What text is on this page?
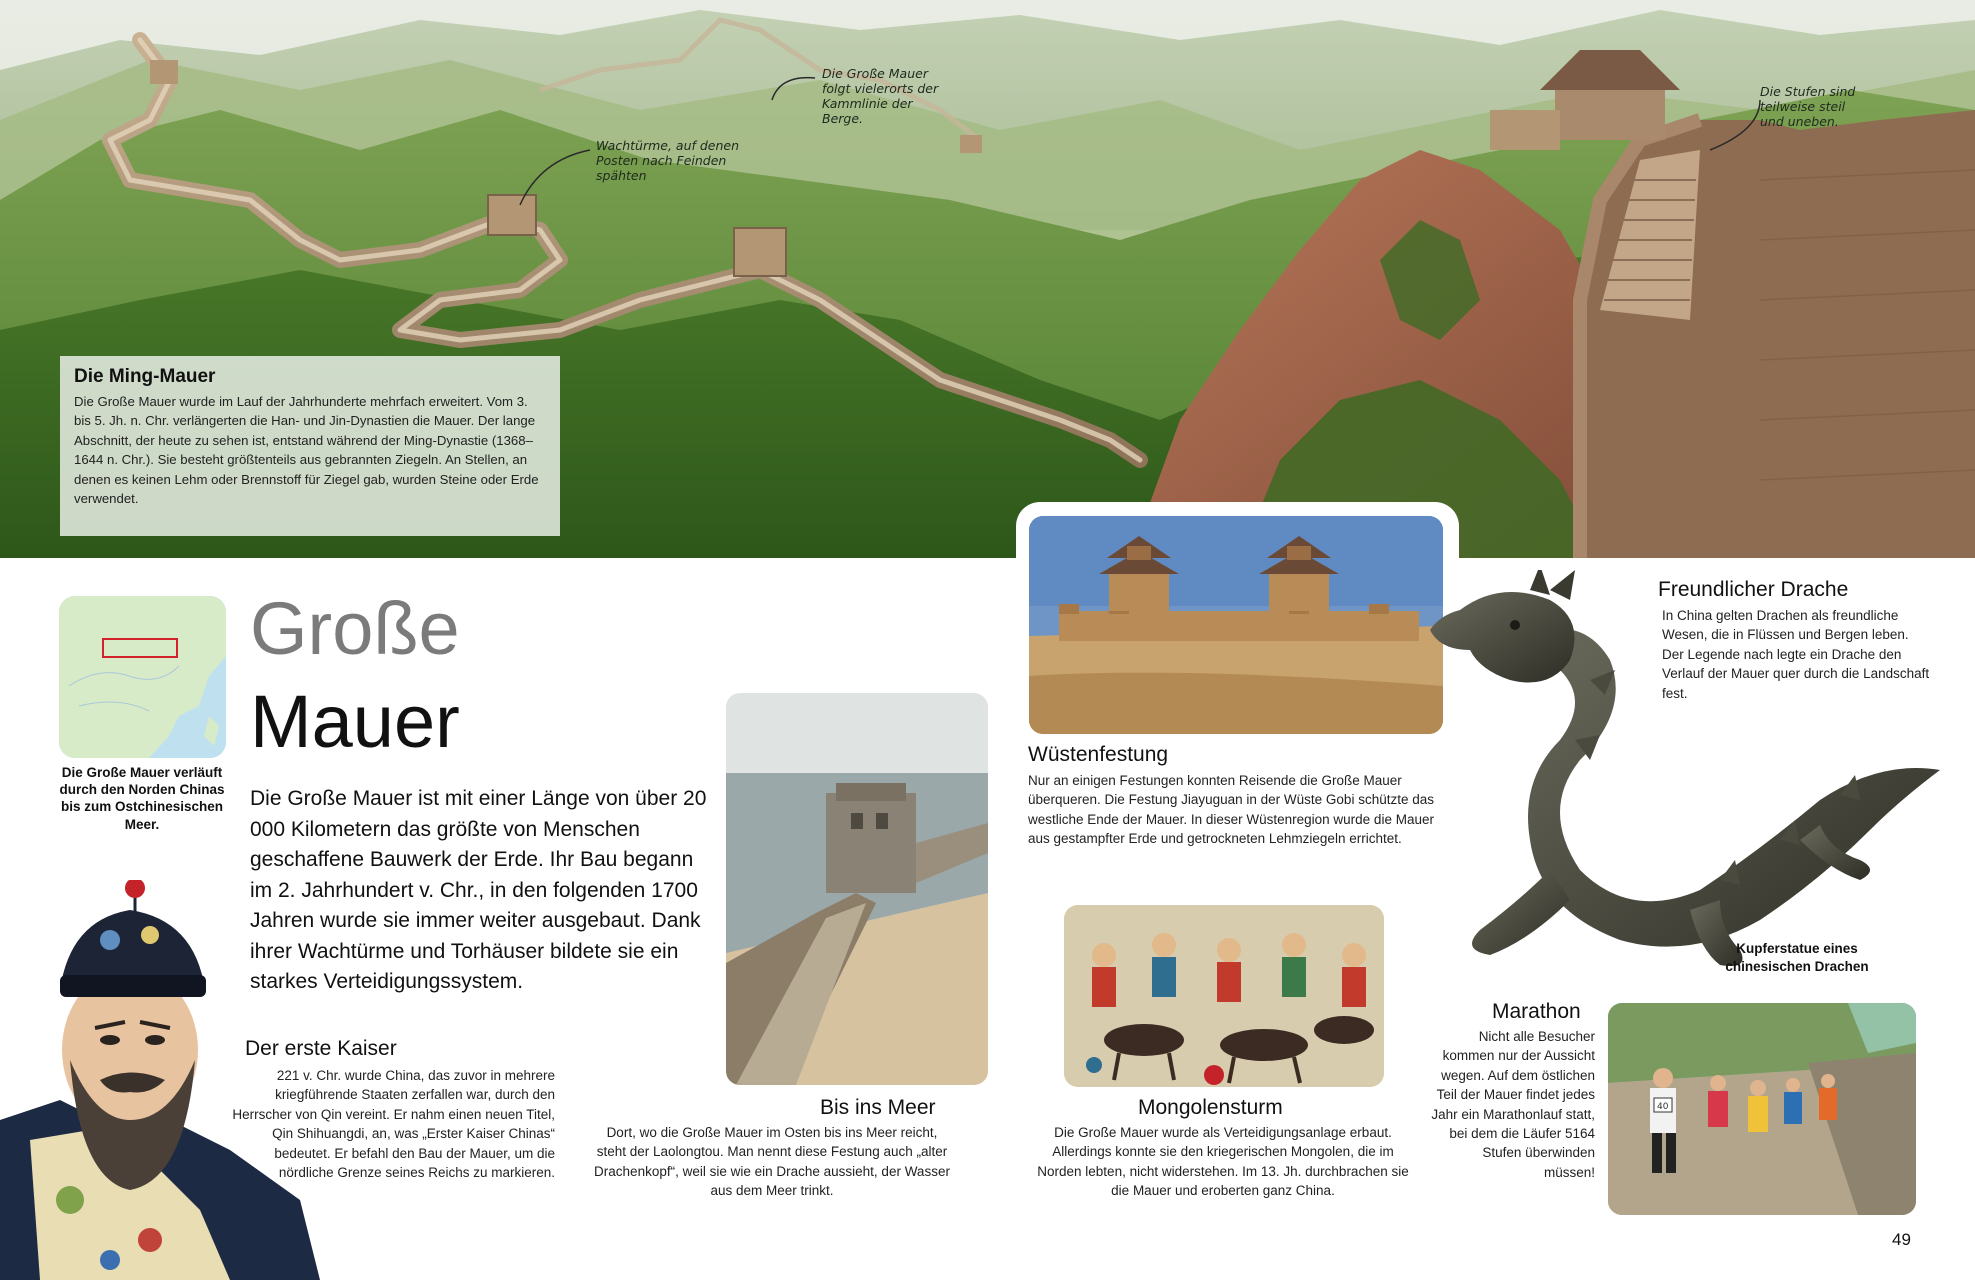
Wachtürme, auf denen Posten nach Feinden spähten
Die Große Mauer folgt vielerorts der Kammlinie der Berge.
Die Stufen sind teilweise steil und uneben.
Die Ming-Mauer

Die Große Mauer wurde im Lauf der Jahrhunderte mehrfach erweitert. Vom 3. bis 5. Jh. n. Chr. verlängerten die Han- und Jin-Dynastien die Mauer. Der lange Abschnitt, der heute zu sehen ist, entstand während der Ming-Dynastie (1368–1644 n. Chr.). Sie besteht größtenteils aus gebrannten Ziegeln. An Stellen, an denen es keinen Lehm oder Brennstoff für Ziegel gab, wurden Steine oder Erde verwendet.

Die Große Mauer verläuft durch den Norden Chinas bis zum Ostchinesischen Meer.
Große
Mauer
Die Große Mauer ist mit einer Länge von über 20 000 Kilometern das größte von Menschen geschaffene Bauwerk der Erde. Ihr Bau begann im 2. Jahrhundert v. Chr., in den folgenden 1700 Jahren wurde sie immer weiter ausgebaut. Dank ihrer Wachtürme und Torhäuser bildete sie ein starkes Verteidigungssystem.
Der erste Kaiser
221 v. Chr. wurde China, das zuvor in mehrere kriegführende Staaten zerfallen war, durch den Herrscher von Qin vereint. Er nahm einen neuen Titel, Qin Shihuangdi, an, was „Erster Kaiser Chinas“ bedeutet. Er befahl den Bau der Mauer, um die nördliche Grenze seines Reichs zu markieren.
Bis ins Meer
Dort, wo die Große Mauer im Osten bis ins Meer reicht, steht der Laolongtou. Man nennt diese Festung auch „alter Drachenkopf“, weil sie wie ein Drache aussieht, der Wasser aus dem Meer trinkt.
Wüstenfestung
Nur an einigen Festungen konnten Reisende die Große Mauer überqueren. Die Festung Jiayuguan in der Wüste Gobi schützte das westliche Ende der Mauer. In dieser Wüstenregion wurde die Mauer aus gestampfter Erde und getrockneten Lehmziegeln errichtet.
Mongolensturm
Die Große Mauer wurde als Verteidigungsanlage erbaut. Allerdings konnte sie den kriegerischen Mongolen, die im Norden lebten, nicht widerstehen. Im 13. Jh. durchbrachen sie die Mauer und eroberten ganz China.
Freundlicher Drache
In China gelten Drachen als freundliche Wesen, die in Flüssen und Bergen leben. Der Legende nach legte ein Drache den Verlauf der Mauer quer durch die Landschaft fest.
Kupferstatue eines chinesischen Drachen
Marathon
Nicht alle Besucher kommen nur der Aussicht wegen. Auf dem östlichen Teil der Mauer findet jedes Jahr ein Marathonlauf statt, bei dem die Läufer 5164 Stufen überwinden müssen!
40
49
